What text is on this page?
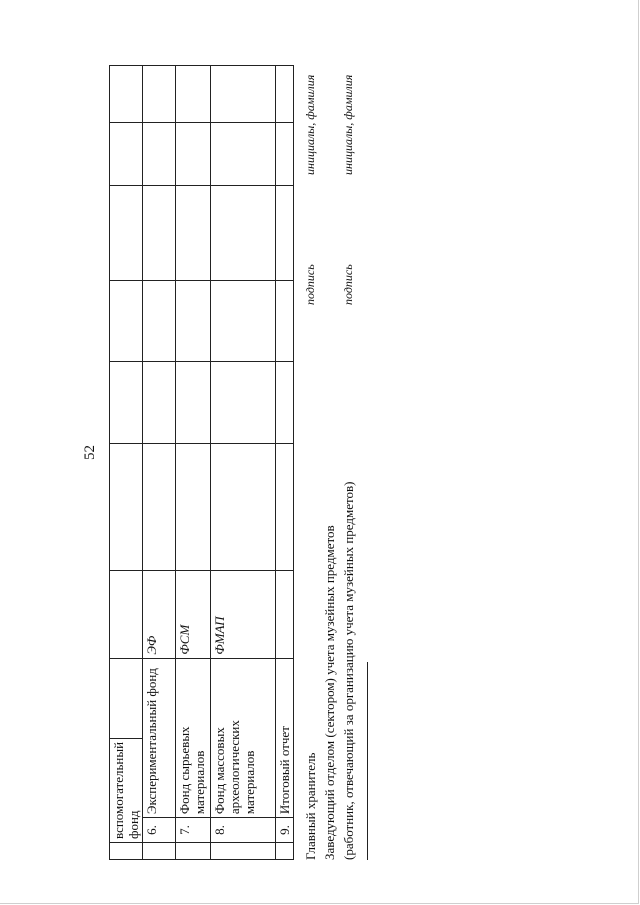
52
	вспомогательный фонд									
	6.	Экспериментальный фонд		ЭФ						
	7.	Фонд сырьевых материалов		ФСМ						
	8.	Фонд массовых археологических материалов		ФМАП						
	9.	Итоговый отчет								Главный хранитель
подпись
инициалы, фамилия
Заведующий отделом (сектором) учета музейных предметов (работник, отвечающий за организацию учета музейных предметов)
подпись
инициалы, фамилия
